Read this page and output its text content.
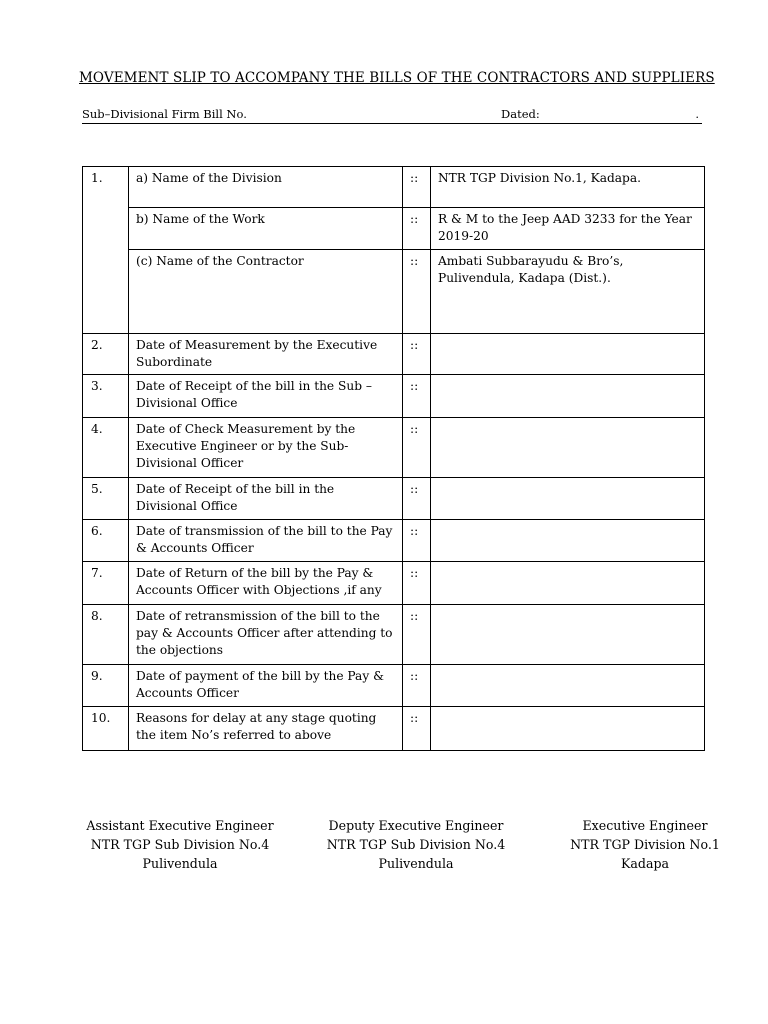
MOVEMENT SLIP TO ACCOMPANY THE BILLS OF THE CONTRACTORS AND SUPPLIERS
Sub–Divisional Firm Bill No.	Dated:	.
1.	a) Name of the Division	::	NTR TGP Division No.1, Kadapa.
	b) Name of the Work	::	R & M to the Jeep AAD 3233 for the Year 2019-20
	(c) Name of the Contractor	::	Ambati Subbarayudu & Bro’s, Pulivendula, Kadapa (Dist.).
2.	Date of Measurement by the Executive Subordinate	::	
3.	Date of Receipt of the bill in the Sub – Divisional Office	::	
4.	Date of Check Measurement by the Executive Engineer or by the Sub-Divisional Officer	::	
5.	Date of Receipt of the bill in the Divisional Office	::	
6.	Date of transmission of the bill to the Pay & Accounts Officer	::	
7.	Date of Return of the bill by the Pay & Accounts Officer with Objections ,if any	::	
8.	Date of retransmission of the bill to the pay & Accounts Officer after attending to the objections	::	
9.	Date of payment of the bill by the Pay & Accounts Officer	::	
10.	Reasons for delay at any stage quoting the item No’s referred to above	::	
Assistant Executive Engineer
NTR TGP Sub Division No.4
Pulivendula
Deputy Executive Engineer
NTR TGP Sub Division No.4
Pulivendula
Executive Engineer
NTR TGP Division No.1
Kadapa
